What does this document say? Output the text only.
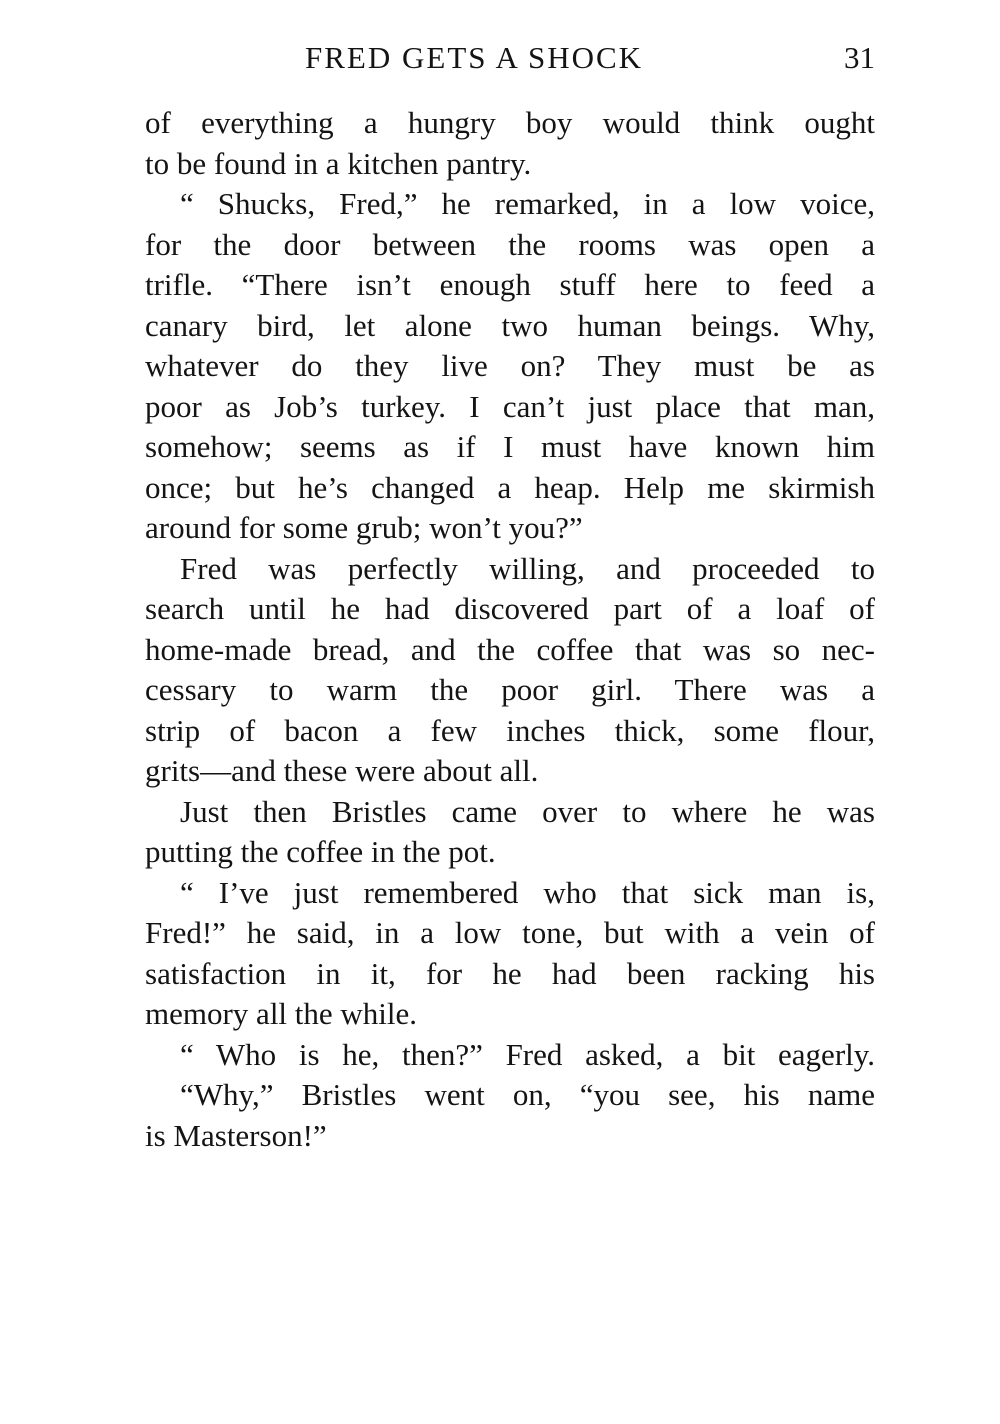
FRED GETS A SHOCK	31
of everything a hungry boy would think ought
to be found in a kitchen pantry.
“ Shucks, Fred,” he remarked, in a low voice,
for the door between the rooms was open a
trifle. “There isn’t enough stuff here to feed a
canary bird, let alone two human beings. Why,
whatever do they live on? They must be as
poor as Job’s turkey. I can’t just place that man,
somehow; seems as if I must have known him
once; but he’s changed a heap. Help me skirmish
around for some grub; won’t you?”
Fred was perfectly willing, and proceeded to
search until he had discovered part of a loaf of
home-made bread, and the coffee that was so nec-
cessary to warm the poor girl. There was a
strip of bacon a few inches thick, some flour,
grits—and these were about all.
Just then Bristles came over to where he was
putting the coffee in the pot.
“ I’ve just remembered who that sick man is,
Fred!” he said, in a low tone, but with a vein of
satisfaction in it, for he had been racking his
memory all the while.
“ Who is he, then?” Fred asked, a bit eagerly.
“Why,” Bristles went on, “you see, his name
is Masterson!”
